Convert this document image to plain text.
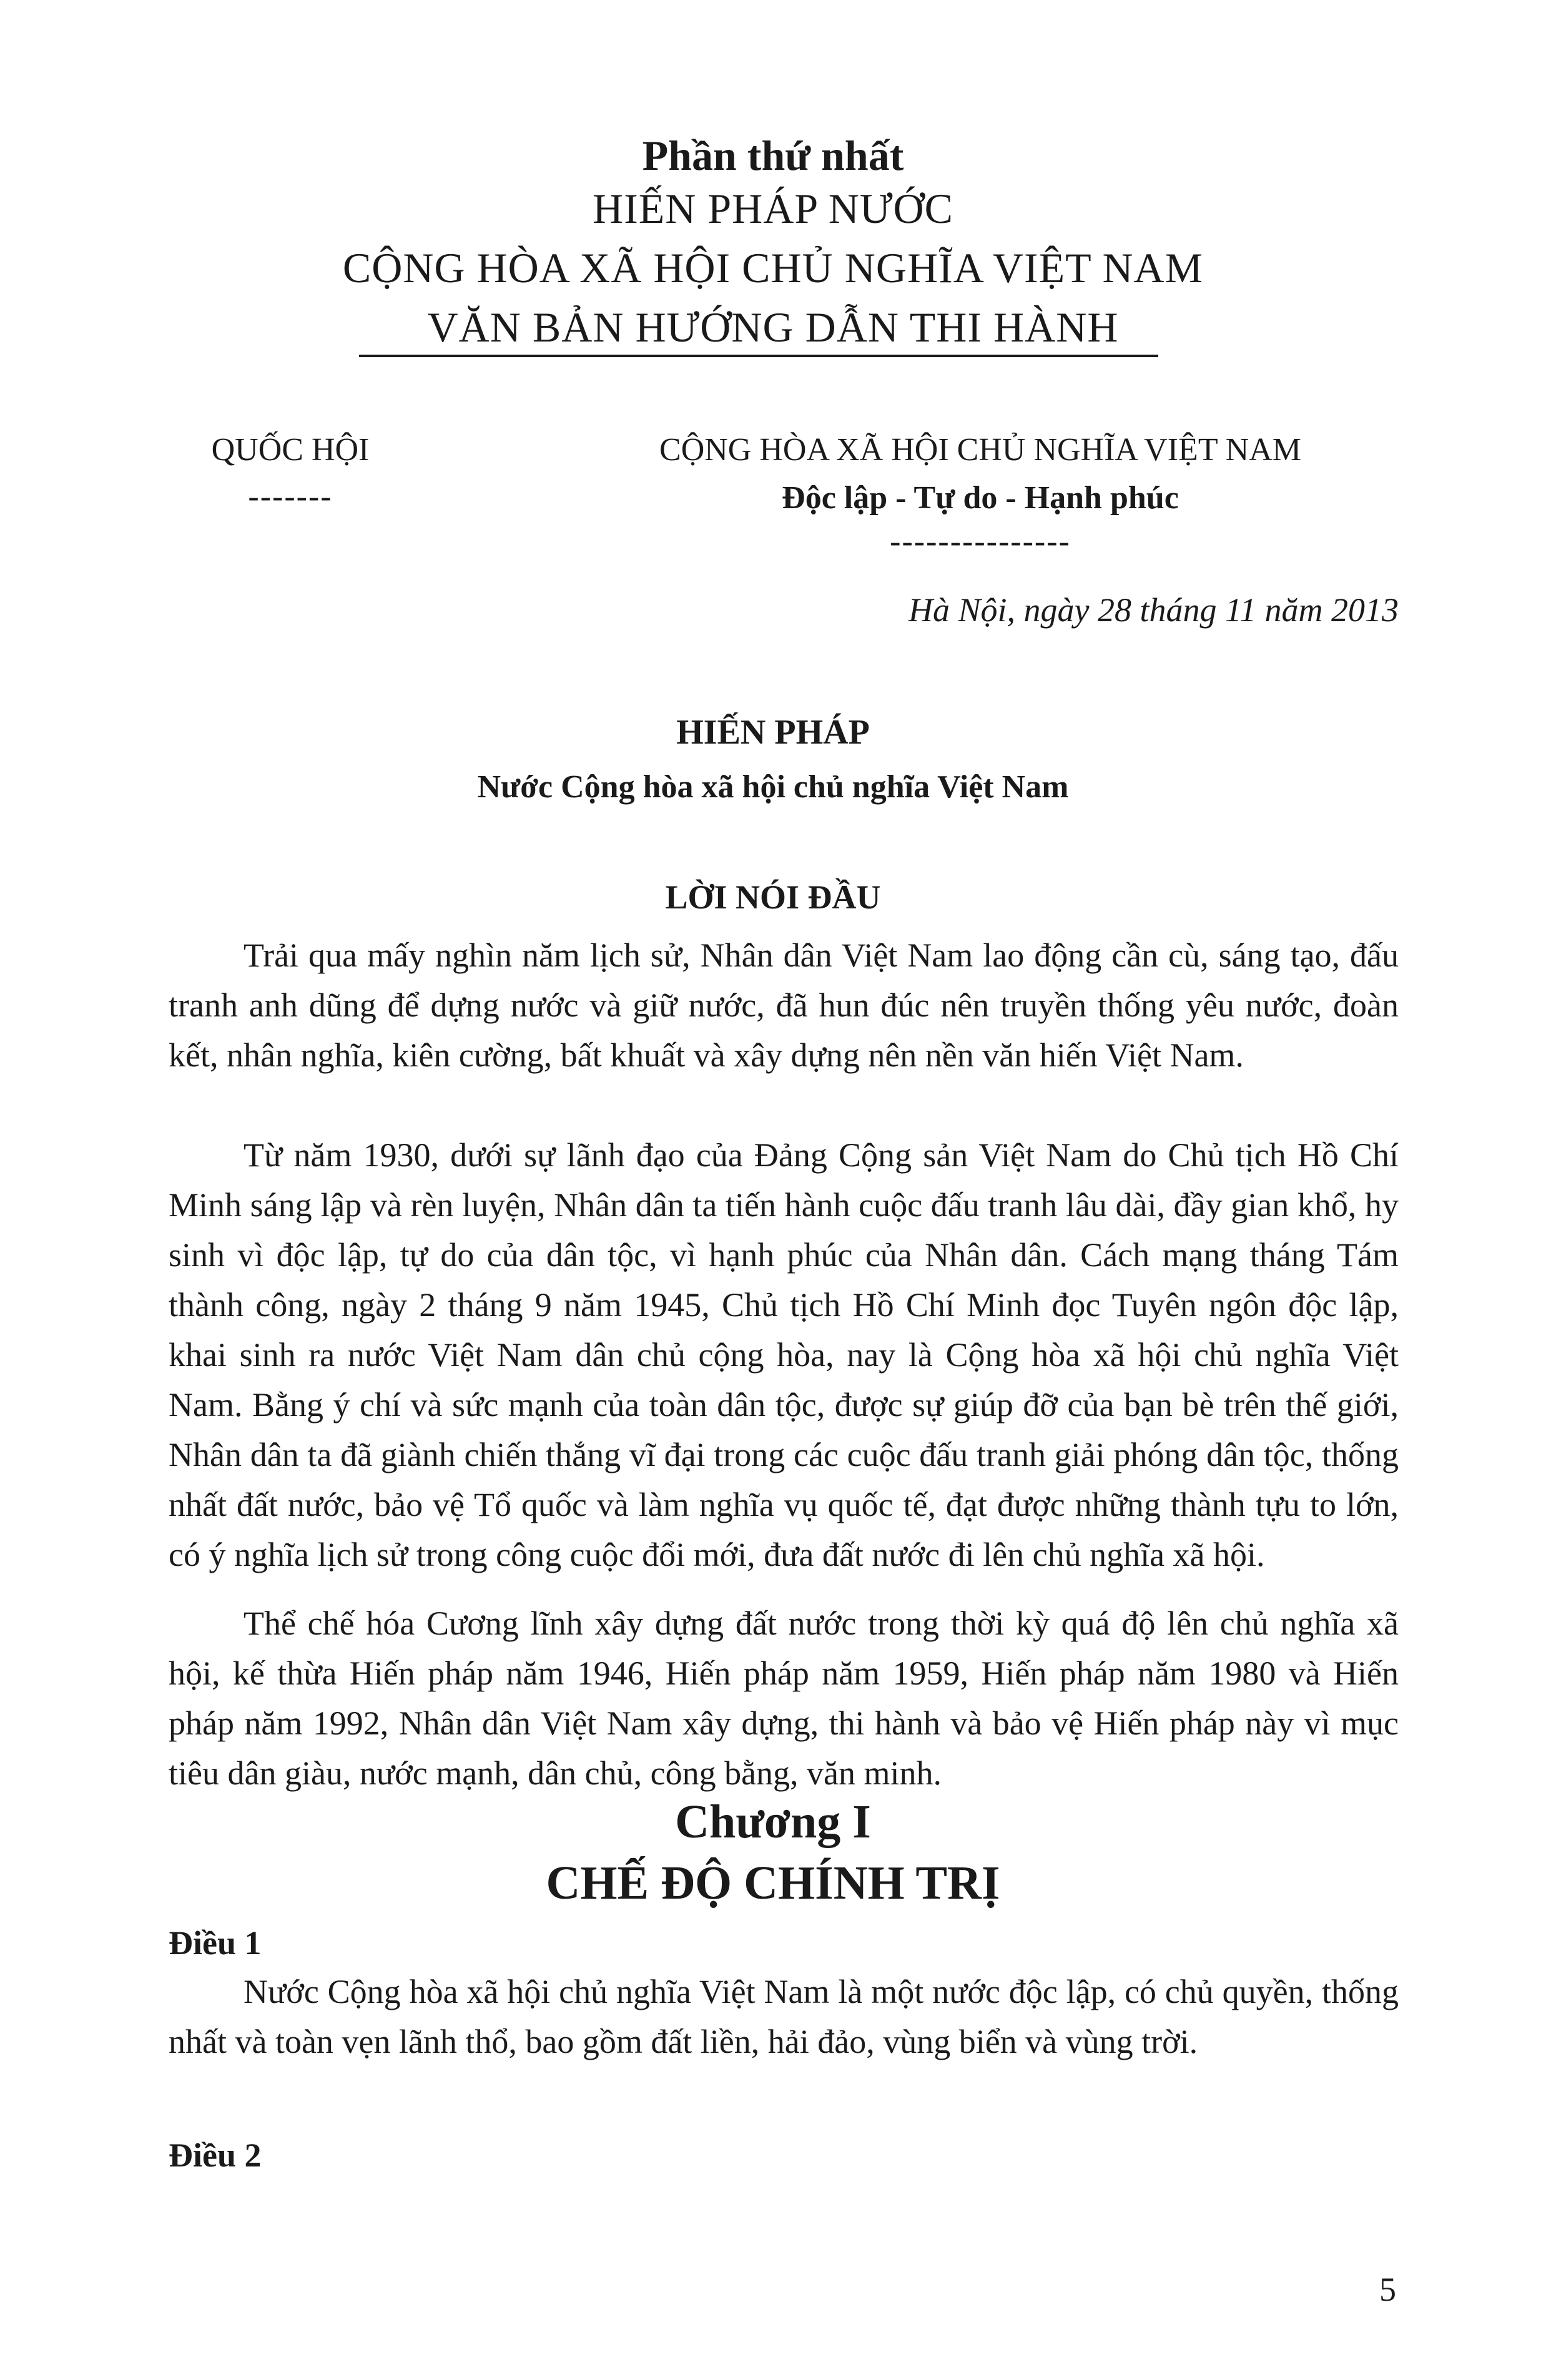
Phần thứ nhất
HIẾN PHÁP NƯỚC
CỘNG HÒA XÃ HỘI CHỦ NGHĨA VIỆT NAM
VĂN BẢN HƯỚNG DẪN THI HÀNH
QUỐC HỘI
-------
CỘNG HÒA XÃ HỘI CHỦ NGHĨA VIỆT NAM
Độc lập - Tự do - Hạnh phúc
---------------
Hà Nội, ngày 28 tháng 11 năm 2013
HIẾN PHÁP
Nước Cộng hòa xã hội chủ nghĩa Việt Nam
LỜI NÓI ĐẦU
Trải qua mấy nghìn năm lịch sử, Nhân dân Việt Nam lao động cần cù, sáng tạo, đấu tranh anh dũng để dựng nước và giữ nước, đã hun đúc nên truyền thống yêu nước, đoàn kết, nhân nghĩa, kiên cường, bất khuất và xây dựng nên nền văn hiến Việt Nam.
Từ năm 1930, dưới sự lãnh đạo của Đảng Cộng sản Việt Nam do Chủ tịch Hồ Chí Minh sáng lập và rèn luyện, Nhân dân ta tiến hành cuộc đấu tranh lâu dài, đầy gian khổ, hy sinh vì độc lập, tự do của dân tộc, vì hạnh phúc của Nhân dân. Cách mạng tháng Tám thành công, ngày 2 tháng 9 năm 1945, Chủ tịch Hồ Chí Minh đọc Tuyên ngôn độc lập, khai sinh ra nước Việt Nam dân chủ cộng hòa, nay là Cộng hòa xã hội chủ nghĩa Việt Nam. Bằng ý chí và sức mạnh của toàn dân tộc, được sự giúp đỡ của bạn bè trên thế giới, Nhân dân ta đã giành chiến thắng vĩ đại trong các cuộc đấu tranh giải phóng dân tộc, thống nhất đất nước, bảo vệ Tổ quốc và làm nghĩa vụ quốc tế, đạt được những thành tựu to lớn, có ý nghĩa lịch sử trong công cuộc đổi mới, đưa đất nước đi lên chủ nghĩa xã hội.
Thể chế hóa Cương lĩnh xây dựng đất nước trong thời kỳ quá độ lên chủ nghĩa xã hội, kế thừa Hiến pháp năm 1946, Hiến pháp năm 1959, Hiến pháp năm 1980 và Hiến pháp năm 1992, Nhân dân Việt Nam xây dựng, thi hành và bảo vệ Hiến pháp này vì mục tiêu dân giàu, nước mạnh, dân chủ, công bằng, văn minh.
Chương I
CHẾ ĐỘ CHÍNH TRỊ
Điều 1
Nước Cộng hòa xã hội chủ nghĩa Việt Nam là một nước độc lập, có chủ quyền, thống nhất và toàn vẹn lãnh thổ, bao gồm đất liền, hải đảo, vùng biển và vùng trời.
Điều 2
5
